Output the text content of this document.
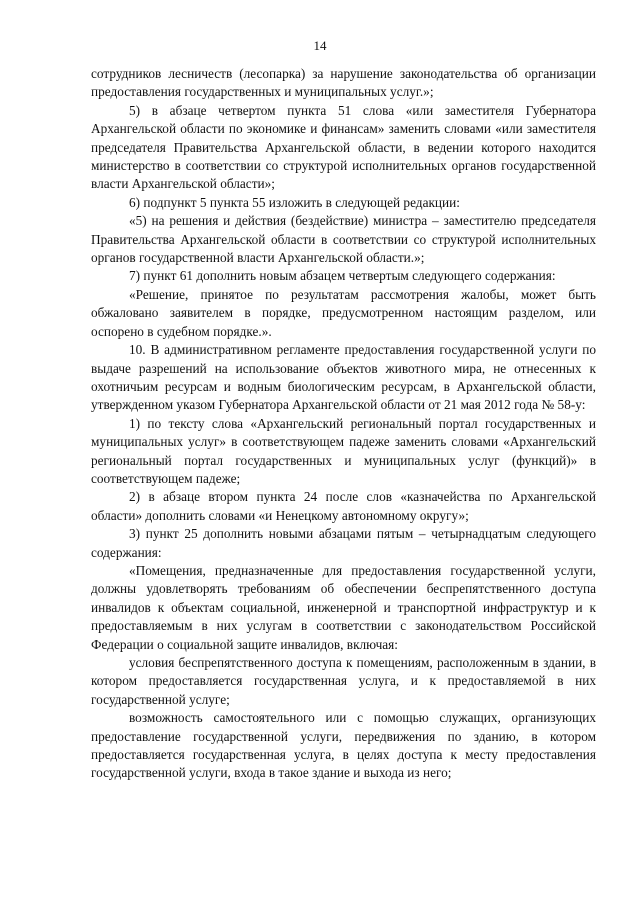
14

сотрудников лесничеств (лесопарка) за нарушение законодательства об организации предоставления государственных и муниципальных услуг.»;

5) в абзаце четвертом пункта 51 слова «или заместителя Губернатора Архангельской области по экономике и финансам» заменить словами «или заместителя председателя Правительства Архангельской области, в ведении которого находится министерство в соответствии со структурой исполнительных органов государственной власти Архангельской области»;

6) подпункт 5 пункта 55 изложить в следующей редакции:

«5) на решения и действия (бездействие) министра – заместителю председателя Правительства Архангельской области в соответствии со структурой исполнительных органов государственной власти Архангельской области.»;

7) пункт 61 дополнить новым абзацем четвертым следующего содержания:

«Решение, принятое по результатам рассмотрения жалобы, может быть обжаловано заявителем в порядке, предусмотренном настоящим разделом, или оспорено в судебном порядке.».

10. В административном регламенте предоставления государственной услуги по выдаче разрешений на использование объектов животного мира, не отнесенных к охотничьим ресурсам и водным биологическим ресурсам, в Архангельской области, утвержденном указом Губернатора Архангельской области от 21 мая 2012 года № 58-у:

1) по тексту слова «Архангельский региональный портал государственных и муниципальных услуг» в соответствующем падеже заменить словами «Архангельский региональный портал государственных и муниципальных услуг (функций)» в соответствующем падеже;

2) в абзаце втором пункта 24 после слов «казначейства по Архангельской области» дополнить словами «и Ненецкому автономному округу»;

3) пункт 25 дополнить новыми абзацами пятым – четырнадцатым следующего содержания:

«Помещения, предназначенные для предоставления государственной услуги, должны удовлетворять требованиям об обеспечении беспрепятственного доступа инвалидов к объектам социальной, инженерной и транспортной инфраструктур и к предоставляемым в них услугам в соответствии с законодательством Российской Федерации о социальной защите инвалидов, включая:

условия беспрепятственного доступа к помещениям, расположенным в здании, в котором предоставляется государственная услуга, и к предоставляемой в них государственной услуге;

возможность самостоятельного или с помощью служащих, организующих предоставление государственной услуги, передвижения по зданию, в котором предоставляется государственная услуга, в целях доступа к месту предоставления государственной услуги, входа в такое здание и выхода из него;
